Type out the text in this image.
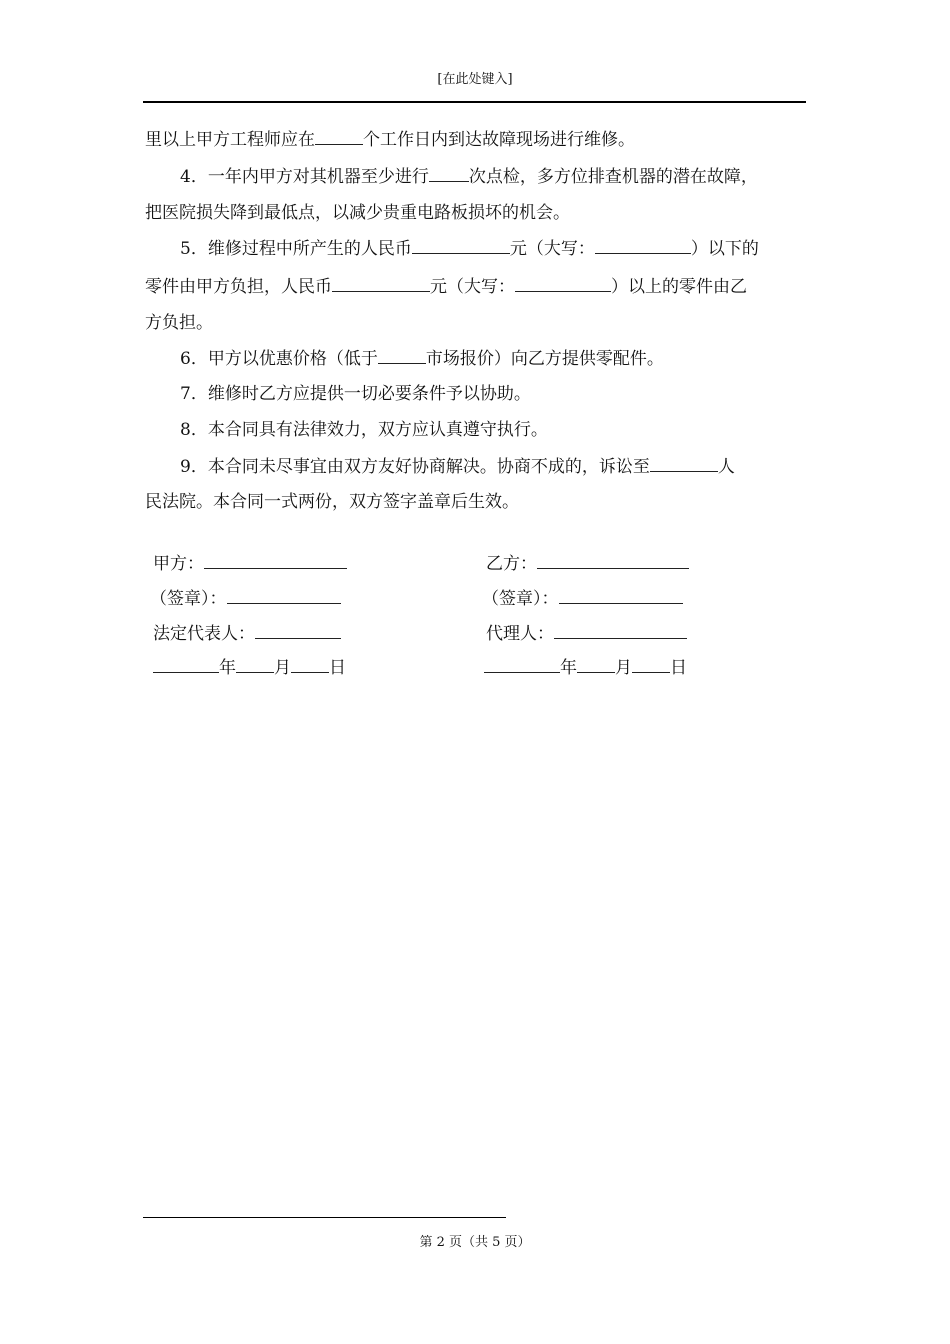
[在此处键入]
里以上甲方工程师应在	个工作日内到达故障现场进行维修。
4．一年内甲方对其机器至少进行 次点检，多方位排查机器的潜在故障，
把医院损失降到最低点，以减少贵重电路板损坏的机会。
5．维修过程中所产生的人民币	元（大写：	）以下的
零件由甲方负担，人民币	元（大写：	）以上的零件由乙
方负担。
6．甲方以优惠价格（低于	市场报价）向乙方提供零配件。
7．维修时乙方应提供一切必要条件予以协助。
8．本合同具有法律效力，双方应认真遵守执行。
9．本合同未尽事宜由双方友好协商解决。协商不成的，诉讼至	人
民法院。本合同一式两份，双方签字盖章后生效。
甲方：	乙方：
（签章）：	（签章）：
法定代表人：	代理人：
年 月 日	年 月 日
第 2 页（共 5 页）
